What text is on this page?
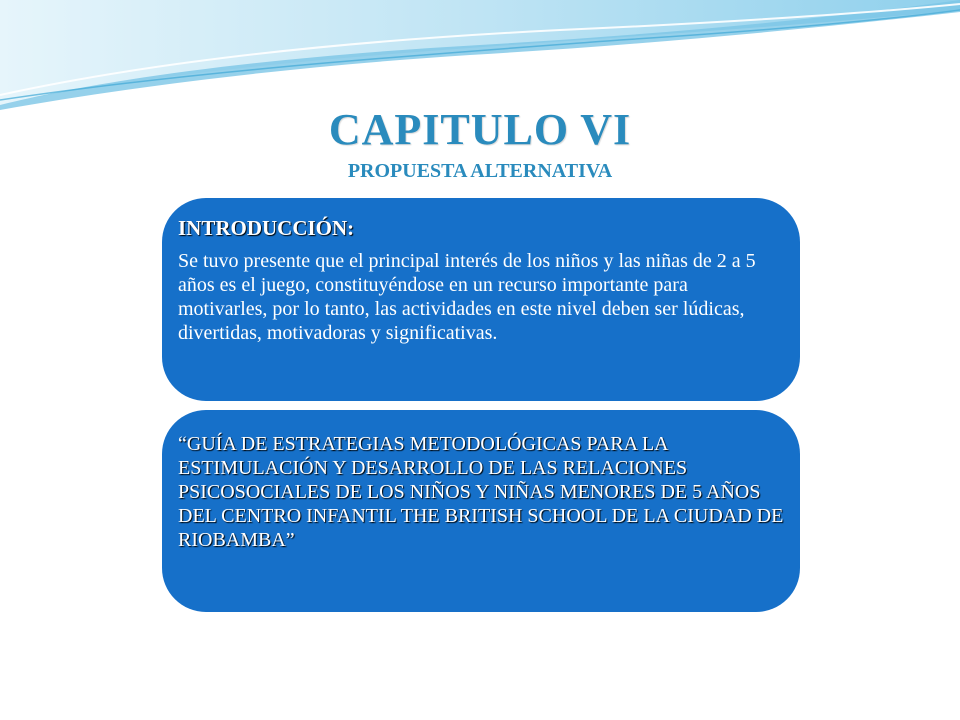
CAPITULO VI
PROPUESTA ALTERNATIVA
INTRODUCCIÓN:
Se tuvo presente que el principal interés de los niños y las niñas de 2 a 5 años es el juego, constituyéndose en un recurso importante para motivarles, por lo tanto, las actividades en este nivel deben ser lúdicas, divertidas, motivadoras y significativas.
“GUÍA DE ESTRATEGIAS METODOLÓGICAS PARA LA ESTIMULACIÓN Y DESARROLLO DE LAS RELACIONES PSICOSOCIALES DE LOS NIÑOS Y NIÑAS MENORES DE 5 AÑOS DEL CENTRO INFANTIL THE BRITISH SCHOOL DE LA CIUDAD DE RIOBAMBA”
